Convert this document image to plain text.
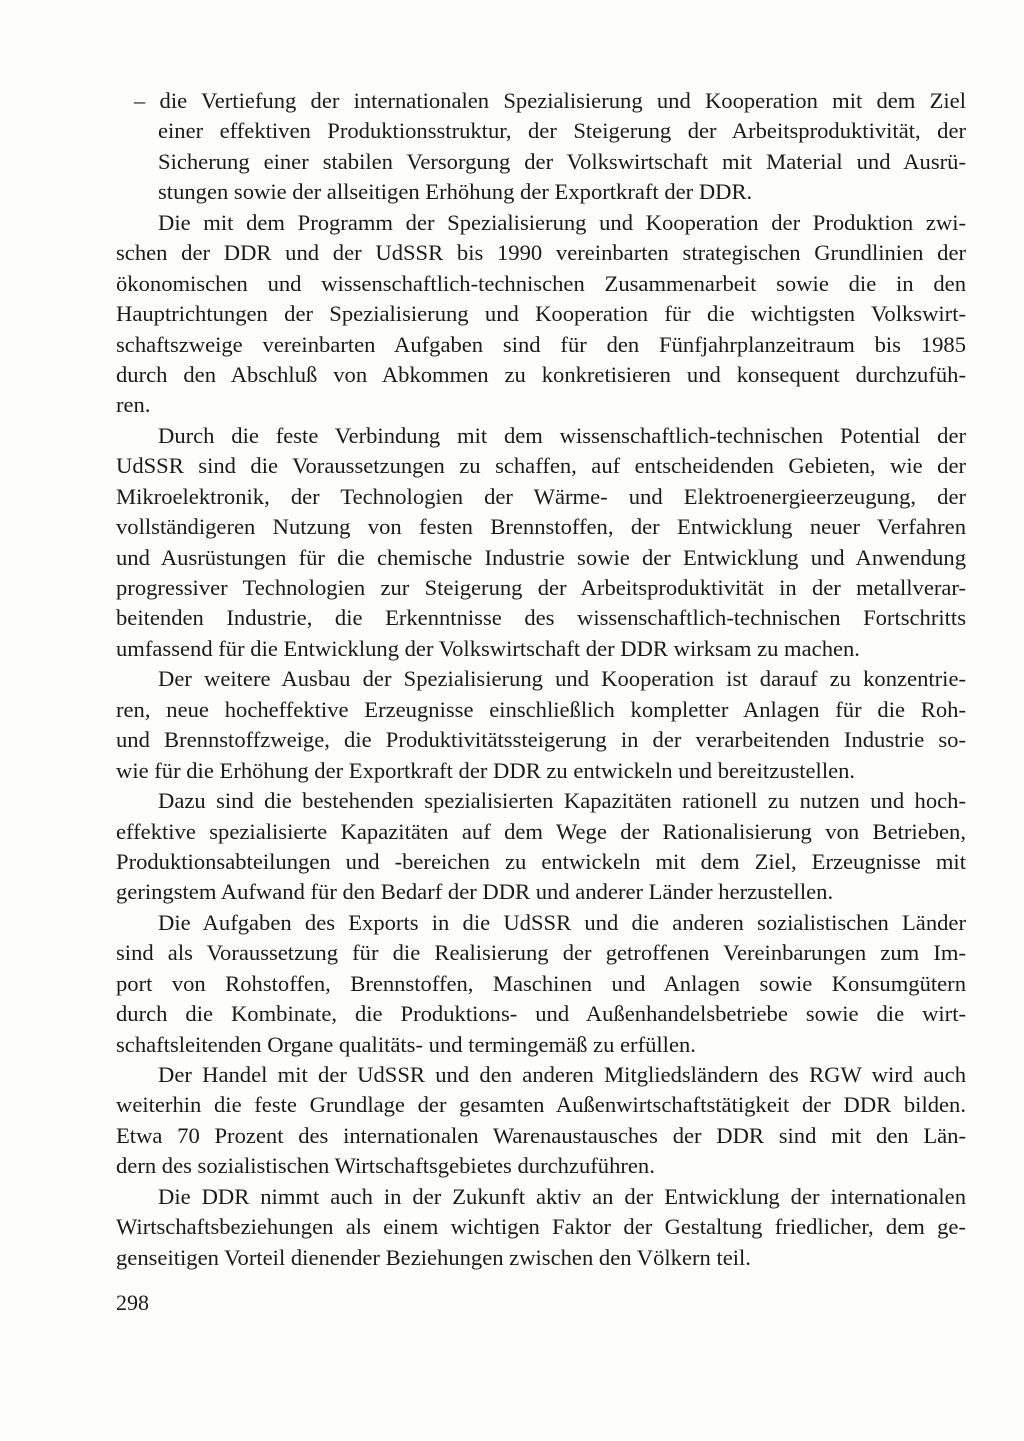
– die Vertiefung der internationalen Spezialisierung und Kooperation mit dem Ziel
einer effektiven Produktionsstruktur, der Steigerung der Arbeitsproduktivität, der
Sicherung einer stabilen Versorgung der Volkswirtschaft mit Material und Ausrü-
stungen sowie der allseitigen Erhöhung der Exportkraft der DDR.
Die mit dem Programm der Spezialisierung und Kooperation der Produktion zwi-
schen der DDR und der UdSSR bis 1990 vereinbarten strategischen Grundlinien der
ökonomischen und wissenschaftlich-technischen Zusammenarbeit sowie die in den
Hauptrichtungen der Spezialisierung und Kooperation für die wichtigsten Volkswirt-
schaftszweige vereinbarten Aufgaben sind für den Fünfjahrplanzeitraum bis 1985
durch den Abschluß von Abkommen zu konkretisieren und konsequent durchzufüh-
ren.
Durch die feste Verbindung mit dem wissenschaftlich-technischen Potential der
UdSSR sind die Voraussetzungen zu schaffen, auf entscheidenden Gebieten, wie der
Mikroelektronik, der Technologien der Wärme- und Elektroenergieerzeugung, der
vollständigeren Nutzung von festen Brennstoffen, der Entwicklung neuer Verfahren
und Ausrüstungen für die chemische Industrie sowie der Entwicklung und Anwendung
progressiver Technologien zur Steigerung der Arbeitsproduktivität in der metallverar-
beitenden Industrie, die Erkenntnisse des wissenschaftlich-technischen Fortschritts
umfassend für die Entwicklung der Volkswirtschaft der DDR wirksam zu machen.
Der weitere Ausbau der Spezialisierung und Kooperation ist darauf zu konzentrie-
ren, neue hocheffektive Erzeugnisse einschließlich kompletter Anlagen für die Roh-
und Brennstoffzweige, die Produktivitätssteigerung in der verarbeitenden Industrie so-
wie für die Erhöhung der Exportkraft der DDR zu entwickeln und bereitzustellen.
Dazu sind die bestehenden spezialisierten Kapazitäten rationell zu nutzen und hoch-
effektive spezialisierte Kapazitäten auf dem Wege der Rationalisierung von Betrieben,
Produktionsabteilungen und -bereichen zu entwickeln mit dem Ziel, Erzeugnisse mit
geringstem Aufwand für den Bedarf der DDR und anderer Länder herzustellen.
Die Aufgaben des Exports in die UdSSR und die anderen sozialistischen Länder
sind als Voraussetzung für die Realisierung der getroffenen Vereinbarungen zum Im-
port von Rohstoffen, Brennstoffen, Maschinen und Anlagen sowie Konsumgütern
durch die Kombinate, die Produktions- und Außenhandelsbetriebe sowie die wirt-
schaftsleitenden Organe qualitäts- und termingemäß zu erfüllen.
Der Handel mit der UdSSR und den anderen Mitgliedsländern des RGW wird auch
weiterhin die feste Grundlage der gesamten Außenwirtschaftstätigkeit der DDR bilden.
Etwa 70 Prozent des internationalen Warenaustausches der DDR sind mit den Län-
dern des sozialistischen Wirtschaftsgebietes durchzuführen.
Die DDR nimmt auch in der Zukunft aktiv an der Entwicklung der internationalen
Wirtschaftsbeziehungen als einem wichtigen Faktor der Gestaltung friedlicher, dem ge-
genseitigen Vorteil dienender Beziehungen zwischen den Völkern teil.
298
